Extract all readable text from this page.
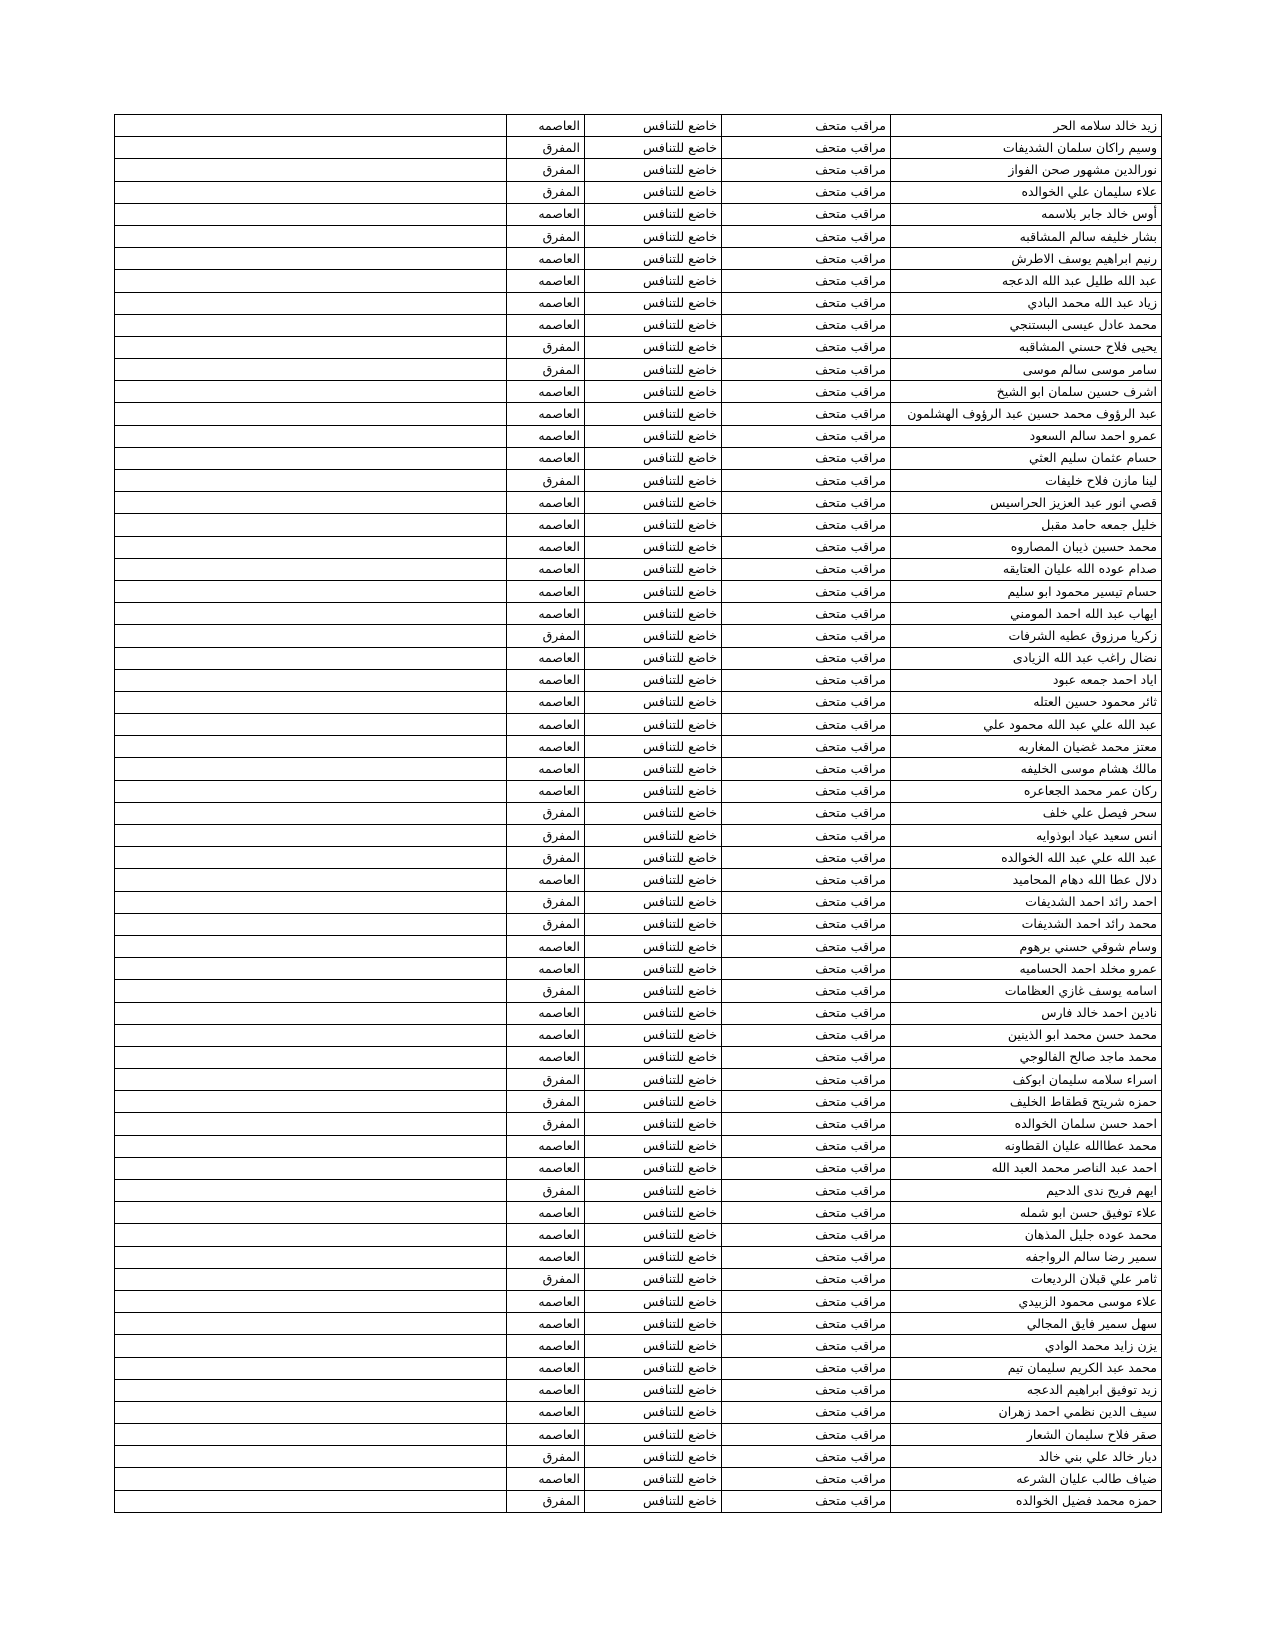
زيد خالد سلامه الحر	مراقب متحف	خاضع للتنافس	العاصمه	
وسيم راكان سلمان الشديفات	مراقب متحف	خاضع للتنافس	المفرق	
نورالدين مشهور صحن الفواز	مراقب متحف	خاضع للتنافس	المفرق	
علاء سليمان علي الخوالده	مراقب متحف	خاضع للتنافس	المفرق	
أوس خالد جابر بلاسمه	مراقب متحف	خاضع للتنافس	العاصمه	
بشار خليفه سالم المشاقبه	مراقب متحف	خاضع للتنافس	المفرق	
رنيم ابراهيم يوسف الاطرش	مراقب متحف	خاضع للتنافس	العاصمه	
عبد الله طليل عبد الله الدعجه	مراقب متحف	خاضع للتنافس	العاصمه	
زياد عبد الله محمد البادي	مراقب متحف	خاضع للتنافس	العاصمه	
محمد عادل عيسى البستنجي	مراقب متحف	خاضع للتنافس	العاصمه	
يحيى فلاح حسني المشاقبه	مراقب متحف	خاضع للتنافس	المفرق	
سامر موسى سالم موسى	مراقب متحف	خاضع للتنافس	المفرق	
اشرف حسين سلمان ابو الشيخ	مراقب متحف	خاضع للتنافس	العاصمه	
عبد الرؤوف محمد حسين عبد الرؤوف الهشلمون	مراقب متحف	خاضع للتنافس	العاصمه	
عمرو احمد سالم السعود	مراقب متحف	خاضع للتنافس	العاصمه	
حسام عثمان سليم العثي	مراقب متحف	خاضع للتنافس	العاصمه	
لينا مازن فلاح خليفات	مراقب متحف	خاضع للتنافس	المفرق	
قصي انور عبد العزيز الحراسيس	مراقب متحف	خاضع للتنافس	العاصمه	
خليل جمعه حامد مقبل	مراقب متحف	خاضع للتنافس	العاصمه	
محمد حسين ذيبان المصاروه	مراقب متحف	خاضع للتنافس	العاصمه	
صدام عوده الله عليان العتايقه	مراقب متحف	خاضع للتنافس	العاصمه	
حسام تيسير محمود ابو سليم	مراقب متحف	خاضع للتنافس	العاصمه	
ايهاب عبد الله احمد المومني	مراقب متحف	خاضع للتنافس	العاصمه	
زكريا مرزوق عطيه الشرفات	مراقب متحف	خاضع للتنافس	المفرق	
نضال راغب عبد الله الزيادى	مراقب متحف	خاضع للتنافس	العاصمه	
اياد احمد جمعه عبود	مراقب متحف	خاضع للتنافس	العاصمه	
ثائر محمود حسين العتله	مراقب متحف	خاضع للتنافس	العاصمه	
عبد الله علي عبد الله محمود علي	مراقب متحف	خاضع للتنافس	العاصمه	
معتز محمد غضيان المغاربه	مراقب متحف	خاضع للتنافس	العاصمه	
مالك هشام موسى الخليفه	مراقب متحف	خاضع للتنافس	العاصمه	
ركان عمر محمد الجعاعره	مراقب متحف	خاضع للتنافس	العاصمه	
سحر فيصل علي خلف	مراقب متحف	خاضع للتنافس	المفرق	
انس سعيد عياد ابوذوايه	مراقب متحف	خاضع للتنافس	المفرق	
عبد الله علي عبد الله الخوالده	مراقب متحف	خاضع للتنافس	المفرق	
دلال عطا الله دهام المحاميد	مراقب متحف	خاضع للتنافس	العاصمه	
احمد رائد احمد الشديفات	مراقب متحف	خاضع للتنافس	المفرق	
محمد رائد احمد الشديفات	مراقب متحف	خاضع للتنافس	المفرق	
وسام شوقي حسني برهوم	مراقب متحف	خاضع للتنافس	العاصمه	
عمرو مخلد احمد الحساميه	مراقب متحف	خاضع للتنافس	العاصمه	
اسامه يوسف غازي العظامات	مراقب متحف	خاضع للتنافس	المفرق	
نادين احمد خالد فارس	مراقب متحف	خاضع للتنافس	العاصمه	
محمد حسن محمد ابو الذينين	مراقب متحف	خاضع للتنافس	العاصمه	
محمد ماجد صالح الفالوجي	مراقب متحف	خاضع للتنافس	العاصمه	
اسراء سلامه سليمان ابوكف	مراقب متحف	خاضع للتنافس	المفرق	
حمزه شريتح قطقاط الخليف	مراقب متحف	خاضع للتنافس	المفرق	
احمد حسن سلمان الخوالده	مراقب متحف	خاضع للتنافس	المفرق	
محمد عطاالله عليان القطاونه	مراقب متحف	خاضع للتنافس	العاصمه	
احمد عبد الناصر محمد العبد الله	مراقب متحف	خاضع للتنافس	العاصمه	
ايهم فريح ندى الدحيم	مراقب متحف	خاضع للتنافس	المفرق	
علاء توفيق حسن ابو شمله	مراقب متحف	خاضع للتنافس	العاصمه	
محمد عوده جليل المذهان	مراقب متحف	خاضع للتنافس	العاصمه	
سمير رضا سالم الرواجفه	مراقب متحف	خاضع للتنافس	العاصمه	
ثامر علي قبلان الرديعات	مراقب متحف	خاضع للتنافس	المفرق	
علاء موسى محمود الزبيدي	مراقب متحف	خاضع للتنافس	العاصمه	
سهل سمير فايق المجالي	مراقب متحف	خاضع للتنافس	العاصمه	
يزن زايد محمد الوادي	مراقب متحف	خاضع للتنافس	العاصمه	
محمد عبد الكريم سليمان تيم	مراقب متحف	خاضع للتنافس	العاصمه	
زيد توفيق ابراهيم الدعجه	مراقب متحف	خاضع للتنافس	العاصمه	
سيف الدين نظمي احمد زهران	مراقب متحف	خاضع للتنافس	العاصمه	
صقر فلاح سليمان الشعار	مراقب متحف	خاضع للتنافس	العاصمه	
ديار خالد علي بني خالد	مراقب متحف	خاضع للتنافس	المفرق	
ضياف طالب عليان الشرعه	مراقب متحف	خاضع للتنافس	العاصمه	
حمزه محمد فضيل الخوالده	مراقب متحف	خاضع للتنافس	المفرق	
